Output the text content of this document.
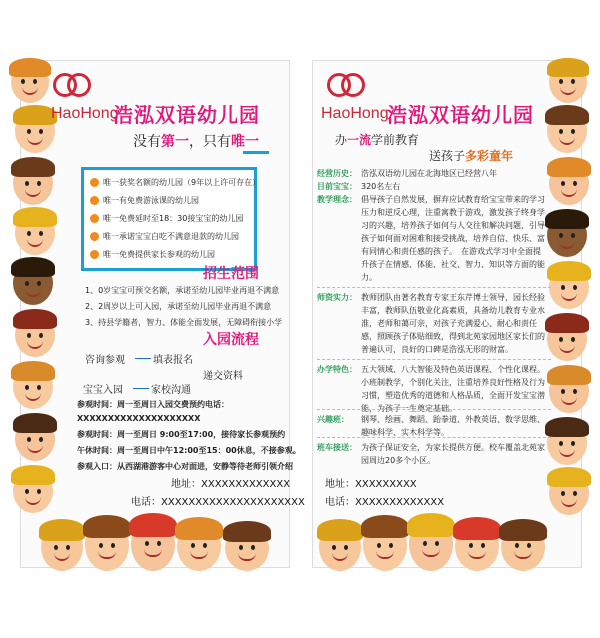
HaoHong
浩泓双语幼儿园
没有第一，只有唯一
唯一获奖名额的幼儿园（9年以上许可存在）
唯一有免费游泳课的幼儿园
唯一免费延时至18：30接宝宝的幼儿园
唯一承诺宝宝白吃不满意退款的幼儿园
唯一免费提供家长参观的幼儿园
招生范围
1、0岁宝宝可预交名额，承诺至幼儿园毕业再退不满意
2、2周岁以上可入园，承诺至幼儿园毕业再退不满意
3、持县学籍者，智力、体能全面发展，无障碍衔接小学
入园流程
咨询参观	填表报名
递交资料
家校沟通
宝宝入园
参观时间：周一至周日入园交费预约电话：
XXXXXXXXXXXXXXXXXXXX
参观时间：周一至周日 9:00至17:00，接待家长参观预约
午休时间：周一至周日中午12:00至15：00休息，不接参观。
参观入口：从西湖港游客中心对面进，安静等待老师引领介绍
地址：XXXXXXXXXXXXX
电话：XXXXXXXXXXXXXXXXXXXXX
HaoHong
浩泓双语幼儿园
办一流学前教育
送孩子多彩童年
经营历史： 浩泓双语幼儿园在北海地区已经营八年
目前宝宝： 320名左右
教学理念： 倡导孩子自然发展，摒弃应试教育给宝宝带来的学习压力和逆反心理，注重寓教于游戏，激发孩子终身学习的兴趣，培养孩子如何与人交往和解决问题，引导孩子如何面对困难和接受挑战，培养自信、快乐、富有同情心和责任感的孩子。　在游戏式学习中全面提升孩子在情感、体能、社交、智力、知识等方面的能力。
师资实力： 教师团队由著名教育专家王东芹博士领导，园长经验丰富，教师队伍敬业化高素质，具备幼儿教育专业水准，老师和蔼可亲，对孩子充满爱心、耐心和责任感，照顾孩子体贴细致，得到北苑家园地区家长们的普遍认可，良好的口碑是浩泓无形的财富。
办学特色： 五大领域、八大智能及特色英语课程、个性化课程。小班制教学，个别化关注，注重培养良好性格及行为习惯，塑造优秀的道德和人格品质，全面开发宝宝潜能，为孩子一生奠定基础。
兴趣班：	钢琴、绘画、舞蹈、跆拳道、外教英语、数学思维、趣味科学、实木科学等。
班车接送： 为孩子保证安全，为家长提供方便。校车覆盖北苑家园周边20多个小区。
地址：XXXXXXXXX
电话：XXXXXXXXXXXXX
